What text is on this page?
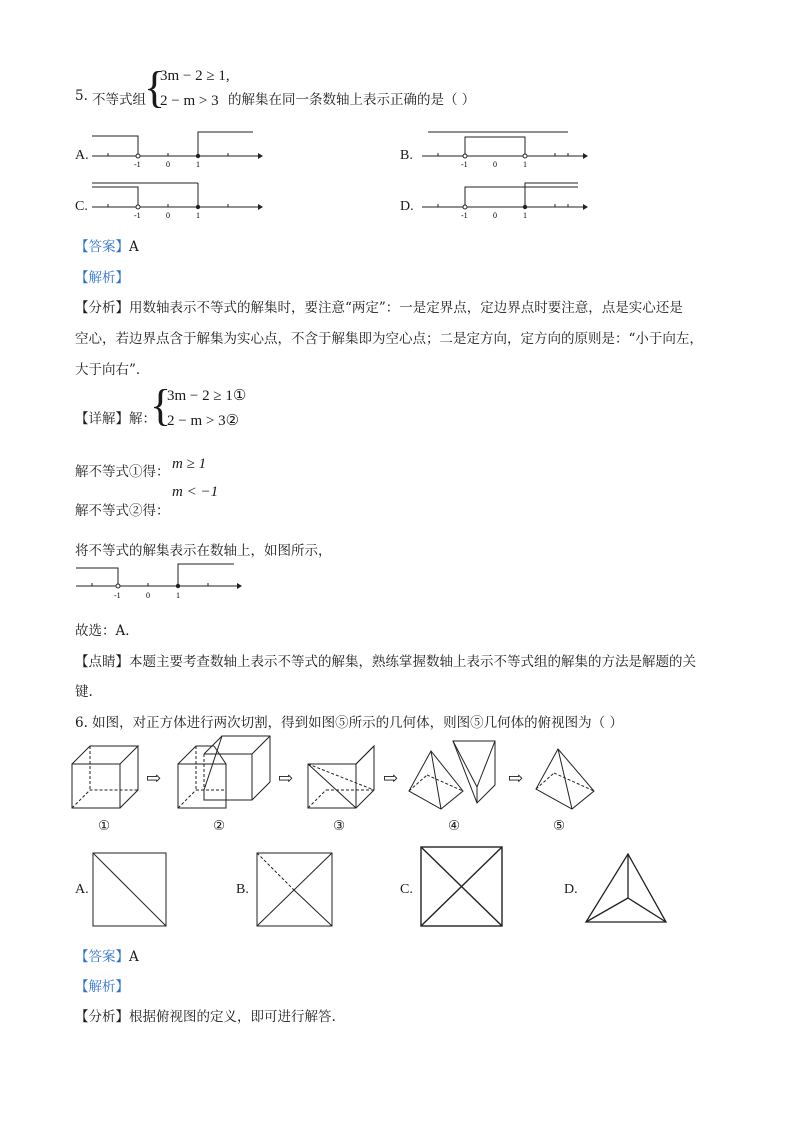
5. 不等式组
{
3m − 2 ≥ 1,
2 − m > 3 的解集在同一条数轴上表示正确的是（ ）
A.	B.
C.	D.
-1	0	1	-1	0	1
-1	0	1	-1	0	1
【答案】A
【解析】
【分析】用数轴表示不等式的解集时，要注意“两定”：一是定界点，定边界点时要注意，点是实心还是
空心，若边界点含于解集为实心点，不含于解集即为空心点；二是定方向，定方向的原则是：“小于向左，
大于向右”．
【详解】解：
{
3m − 2 ≥ 1①
2 − m > 3②
解不等式①得： m ≥ 1
解不等式②得：
m < −1
将不等式的解集表示在数轴上，如图所示，
-1	0	1
故选：A．
【点睛】本题主要考查数轴上表示不等式的解集，熟练掌握数轴上表示不等式组的解集的方法是解题的关
键.
6. 如图，对正方体进行两次切割，得到如图⑤所示的几何体，则图⑤几何体的俯视图为（ ）
①
⇨
②
⇨
③
⇨
④
⇨
⑤
A.	B.	C.	D.
【答案】A
【解析】
【分析】根据俯视图的定义，即可进行解答.
